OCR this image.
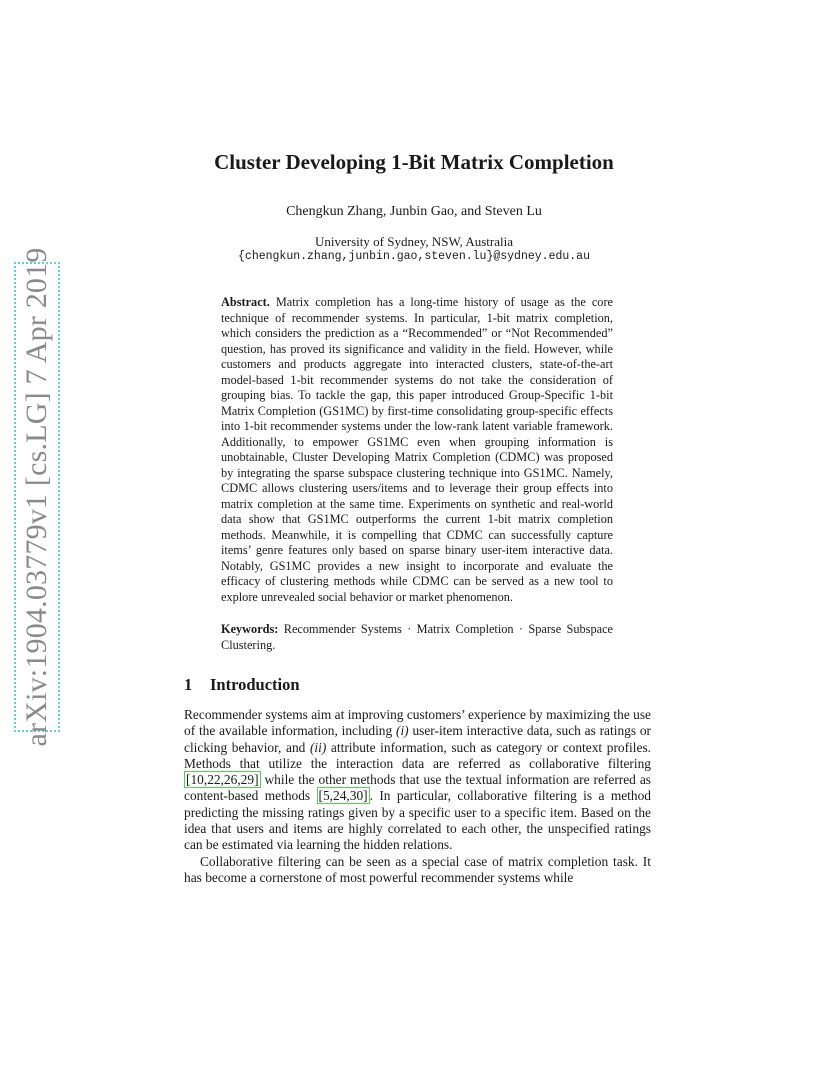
arXiv:1904.03779v1 [cs.LG] 7 Apr 2019
Cluster Developing 1-Bit Matrix Completion
Chengkun Zhang, Junbin Gao, and Steven Lu
University of Sydney, NSW, Australia
{chengkun.zhang,junbin.gao,steven.lu}@sydney.edu.au

Abstract. Matrix completion has a long-time history of usage as the core technique of recommender systems. In particular, 1-bit matrix completion, which considers the prediction as a “Recommended” or “Not Recommended” question, has proved its significance and validity in the field. However, while customers and products aggregate into interacted clusters, state-of-the-art model-based 1-bit recommender systems do not take the consideration of grouping bias. To tackle the gap, this paper introduced Group-Specific 1-bit Matrix Completion (GS1MC) by first-time consolidating group-specific effects into 1-bit recommender systems under the low-rank latent variable framework. Additionally, to empower GS1MC even when grouping information is unobtainable, Cluster Developing Matrix Completion (CDMC) was proposed by integrating the sparse subspace clustering technique into GS1MC. Namely, CDMC allows clustering users/items and to leverage their group effects into matrix completion at the same time. Experiments on synthetic and real-world data show that GS1MC outperforms the current 1-bit matrix completion methods. Meanwhile, it is compelling that CDMC can successfully capture items’ genre features only based on sparse binary user-item interactive data. Notably, GS1MC provides a new insight to incorporate and evaluate the efficacy of clustering methods while CDMC can be served as a new tool to explore unrevealed social behavior or market phenomenon.

Keywords: Recommender Systems · Matrix Completion · Sparse Subspace Clustering.

1 Introduction

Recommender systems aim at improving customers’ experience by maximizing the use of the available information, including (i) user-item interactive data, such as ratings or clicking behavior, and (ii) attribute information, such as category or context profiles. Methods that utilize the interaction data are referred as collaborative filtering [10,22,26,29] while the other methods that use the textual information are referred as content-based methods [5,24,30] . In particular, collaborative filtering is a method predicting the missing ratings given by a specific user to a specific item. Based on the idea that users and items are highly correlated to each other, the unspecified ratings can be estimated via learning the hidden relations.

Collaborative filtering can be seen as a special case of matrix completion task. It has become a cornerstone of most powerful recommender systems while
